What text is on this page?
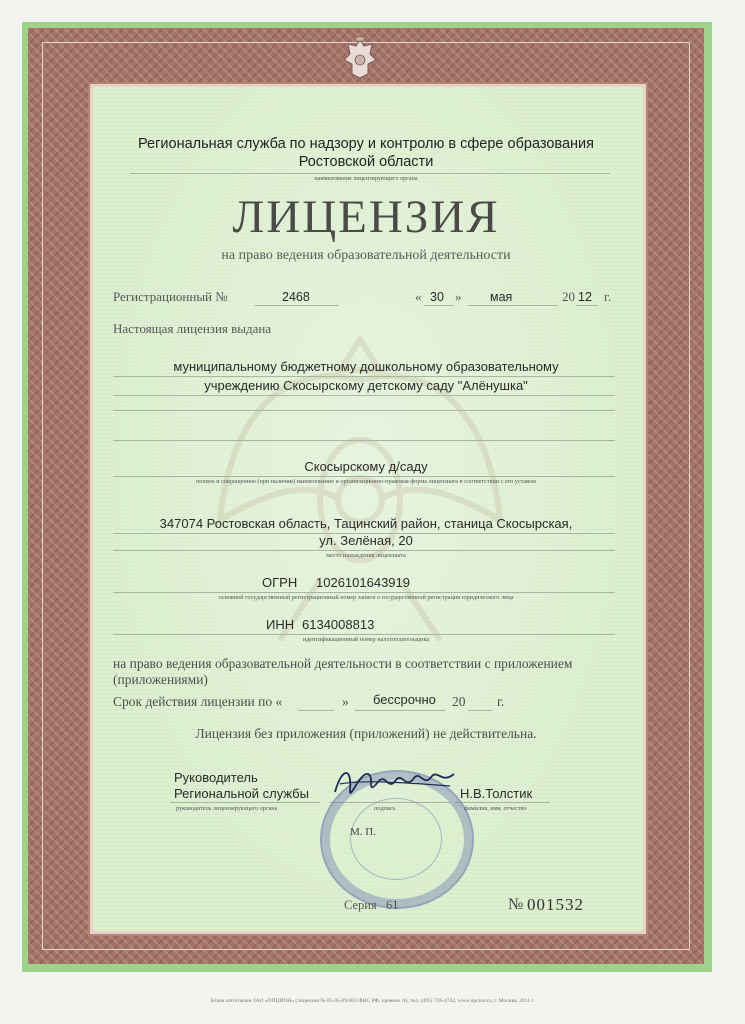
Региональная служба по надзору и контролю в сфере образования
Ростовской области
наименование лицензирующего органа
ЛИЦЕНЗИЯ
на право ведения образовательной деятельности
Регистрационный №	2468	« 30 » мая	20 12 г.
Настоящая лицензия выдана
муниципальному бюджетному дошкольному образовательному
учреждению Скосырскому детскому саду "Алёнушка"
Скосырскому д/саду
полное и сокращенное (при наличии) наименование и организационно-правовая форма лицензиата в соответствии с его уставом
347074 Ростовская область, Тацинский район, станица Скосырская,
ул. Зелёная, 20
место нахождения лицензиата
ОГРН 1026101643919
основной государственный регистрационный номер записи о государственной регистрации юридического лица
ИНН 6134008813
идентификационный номер налогоплательщика
на право ведения образовательной деятельности в соответствии с приложением
(приложениями)
Срок действия лицензии по «	» бессрочно 20 г.
Лицензия без приложения (приложений) не действительна.
Руководитель
Региональной службы
руководитель лицензирующего органа	подпись
Н.В.Толстик
фамилия, имя, отчество
М. П.
Серия 61	№ 001532
Бланк изготовлен ЗАО «ОПЦИОН» (лицензия № 05-05-09/003 ФНС РФ, уровень А), тел. (495) 726-4742, www.opcion.ru, г. Москва, 2011 г.
